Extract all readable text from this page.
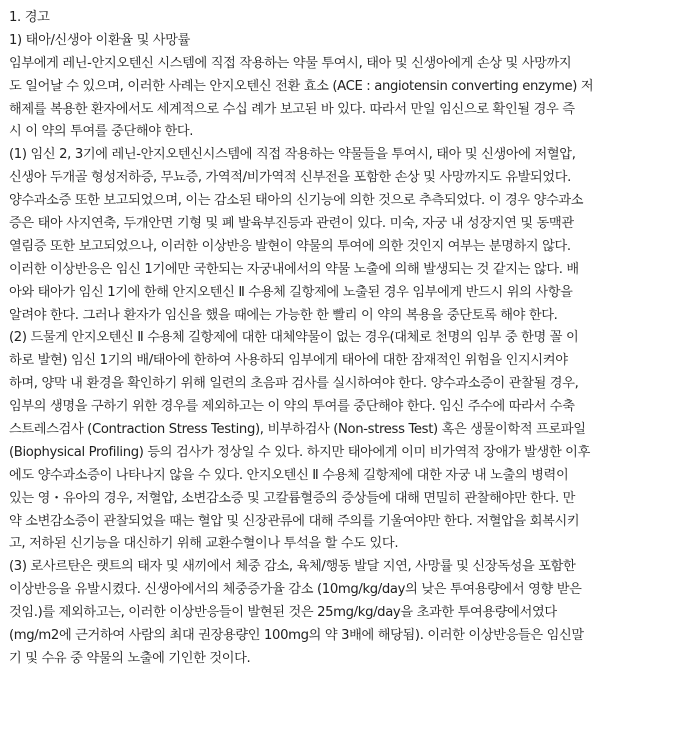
1. 경고
1) 태아/신생아 이환율 및 사망률
임부에게 레닌-안지오텐신 시스템에 직접 작용하는 약물 투여시, 태아 및 신생아에게 손상 및 사망까지
도 일어날 수 있으며, 이러한 사례는 안지오텐신 전환 효소 (ACE : angiotensin converting enzyme) 저
해제를 복용한 환자에서도 세계적으로 수십 례가 보고된 바 있다. 따라서 만일 임신으로 확인될 경우 즉
시 이 약의 투여를 중단해야 한다.
(1) 임신 2, 3기에 레닌-안지오텐신시스템에 직접 작용하는 약물들을 투여시, 태아 및 신생아에 저혈압,
신생아 두개골 형성저하증, 무뇨증, 가역적/비가역적 신부전을 포함한 손상 및 사망까지도 유발되었다.
양수과소증 또한 보고되었으며, 이는 감소된 태아의 신기능에 의한 것으로 추측되었다. 이 경우 양수과소
증은 태아 사지연축, 두개안면 기형 및 폐 발육부진등과 관련이 있다. 미숙, 자궁 내 성장지연 및 동맥관
열림증 또한 보고되었으나, 이러한 이상반응 발현이 약물의 투여에 의한 것인지 여부는 분명하지 않다.
이러한 이상반응은 임신 1기에만 국한되는 자궁내에서의 약물 노출에 의해 발생되는 것 같지는 않다. 배
아와 태아가 임신 1기에 한해 안지오텐신 Ⅱ 수용체 길항제에 노출된 경우 임부에게 반드시 위의 사항을
알려야 한다. 그러나 환자가 임신을 했을 때에는 가능한 한 빨리 이 약의 복용을 중단토록 해야 한다.
(2) 드물게 안지오텐신 Ⅱ 수용체 길항제에 대한 대체약물이 없는 경우(대체로 천명의 임부 중 한명 꼴 이
하로 발현) 임신 1기의 배/태아에 한하여 사용하되 임부에게 태아에 대한 잠재적인 위험을 인지시켜야
하며, 양막 내 환경을 확인하기 위해 일련의 초음파 검사를 실시하여야 한다. 양수과소증이 관찰될 경우,
임부의 생명을 구하기 위한 경우를 제외하고는 이 약의 투여를 중단해야 한다. 임신 주수에 따라서 수축
스트레스검사 (Contraction Stress Testing), 비부하검사 (Non-stress Test) 혹은 생물이학적 프로파일
(Biophysical Profiling) 등의 검사가 정상일 수 있다. 하지만 태아에게 이미 비가역적 장애가 발생한 이후
에도 양수과소증이 나타나지 않을 수 있다. 안지오텐신 Ⅱ 수용체 길항제에 대한 자궁 내 노출의 병력이
있는 영・유아의 경우, 저혈압, 소변감소증 및 고칼륨혈증의 증상들에 대해 면밀히 관찰해야만 한다. 만
약 소변감소증이 관찰되었을 때는 혈압 및 신장관류에 대해 주의를 기울여야만 한다. 저혈압을 회복시키
고, 저하된 신기능을 대신하기 위해 교환수혈이나 투석을 할 수도 있다.
(3) 로사르탄은 랫트의 태자 및 새끼에서 체중 감소, 육체/행동 발달 지연, 사망률 및 신장독성을 포함한
이상반응을 유발시켰다. 신생아에서의 체중증가율 감소 (10mg/kg/day의 낮은 투여용량에서 영향 받은
것임.)를 제외하고는, 이러한 이상반응들이 발현된 것은 25mg/kg/day을 초과한 투여용량에서였다
(mg/m2에 근거하여 사람의 최대 권장용량인 100mg의 약 3배에 해당됨). 이러한 이상반응들은 임신말
기 및 수유 중 약물의 노출에 기인한 것이다.
